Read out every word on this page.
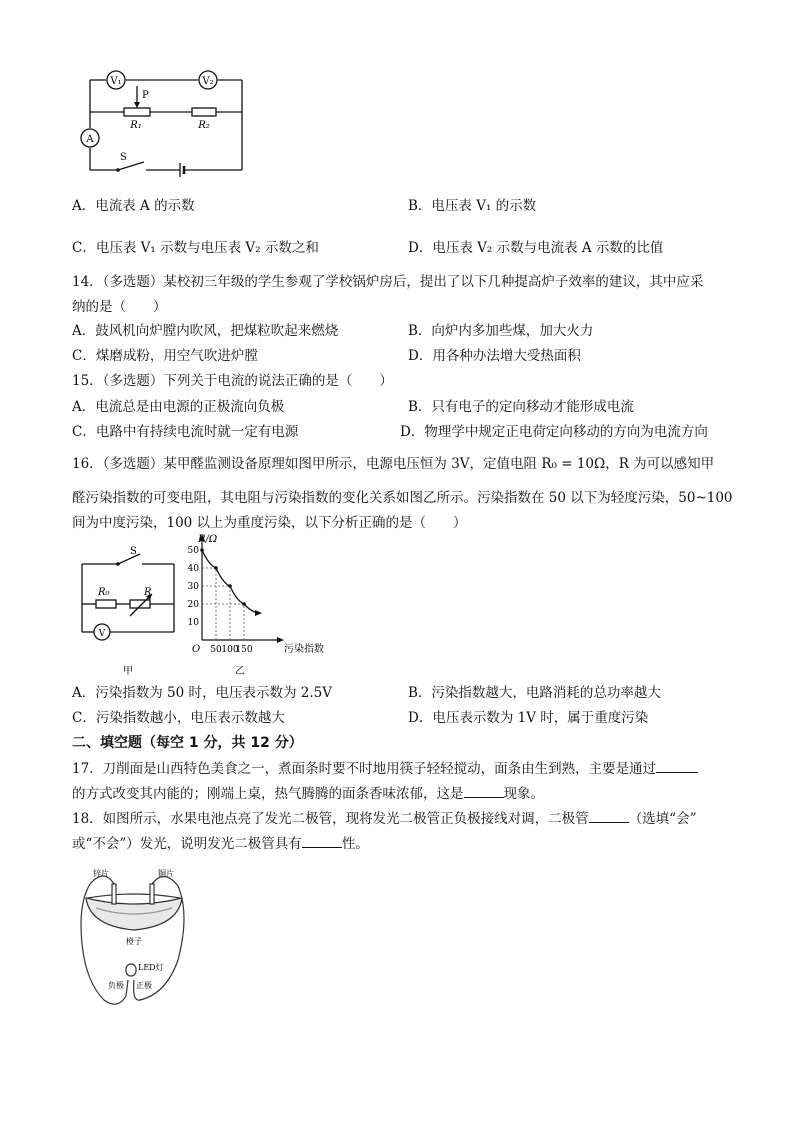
V₁	V₂
P
R₁	R₂
A
S
A．电流表 A 的示数	B．电压表 V₁ 的示数
C．电压表 V₁ 示数与电压表 V₂ 示数之和	D．电压表 V₂ 示数与电流表 A 示数的比值
14．（多选题）某校初三年级的学生参观了学校锅炉房后，提出了以下几种提高炉子效率的建议，其中应采
纳的是（　　）
A．鼓风机向炉膛内吹风，把煤粒吹起来燃烧	B．向炉内多加些煤，加大火力
C．煤磨成粉，用空气吹进炉膛	D．用各种办法增大受热面积
15．（多选题）下列关于电流的说法正确的是（　　）
A．电流总是由电源的正极流向负极	B．只有电子的定向移动才能形成电流
C．电路中有持续电流时就一定有电源	D．物理学中规定正电荷定向移动的方向为电流方向
16．（多选题）某甲醛监测设备原理如图甲所示，电源电压恒为 3V，定值电阻 R₀ = 10Ω，R 为可以感知甲
醛污染指数的可变电阻，其电阻与污染指数的变化关系如图乙所示。污染指数在 50 以下为轻度污染，50~100
间为中度污染，100 以上为重度污染，以下分析正确的是（　　）
S
R₀	R
V
甲
10
20
30
40
50
50 100
150
R/Ω
污染指数
O
乙
A．污染指数为 50 时，电压表示数为 2.5V	B．污染指数越大，电路消耗的总功率越大
C．污染指数越小，电压表示数越大	D．电压表示数为 1V 时，属于重度污染
二、填空题（每空 1 分，共 12 分）
17．刀削面是山西特色美食之一，煮面条时要不时地用筷子轻轻搅动，面条由生到熟，主要是通过
的方式改变其内能的；刚端上桌，热气腾腾的面条香味浓郁，这是	现象。
18．如图所示，水果电池点亮了发光二极管，现将发光二极管正负极接线对调，二极管	（选填“会”
或“不会”）发光，说明发光二极管具有	性。
锌片	铜片
橙子
LED灯
负极 正极
